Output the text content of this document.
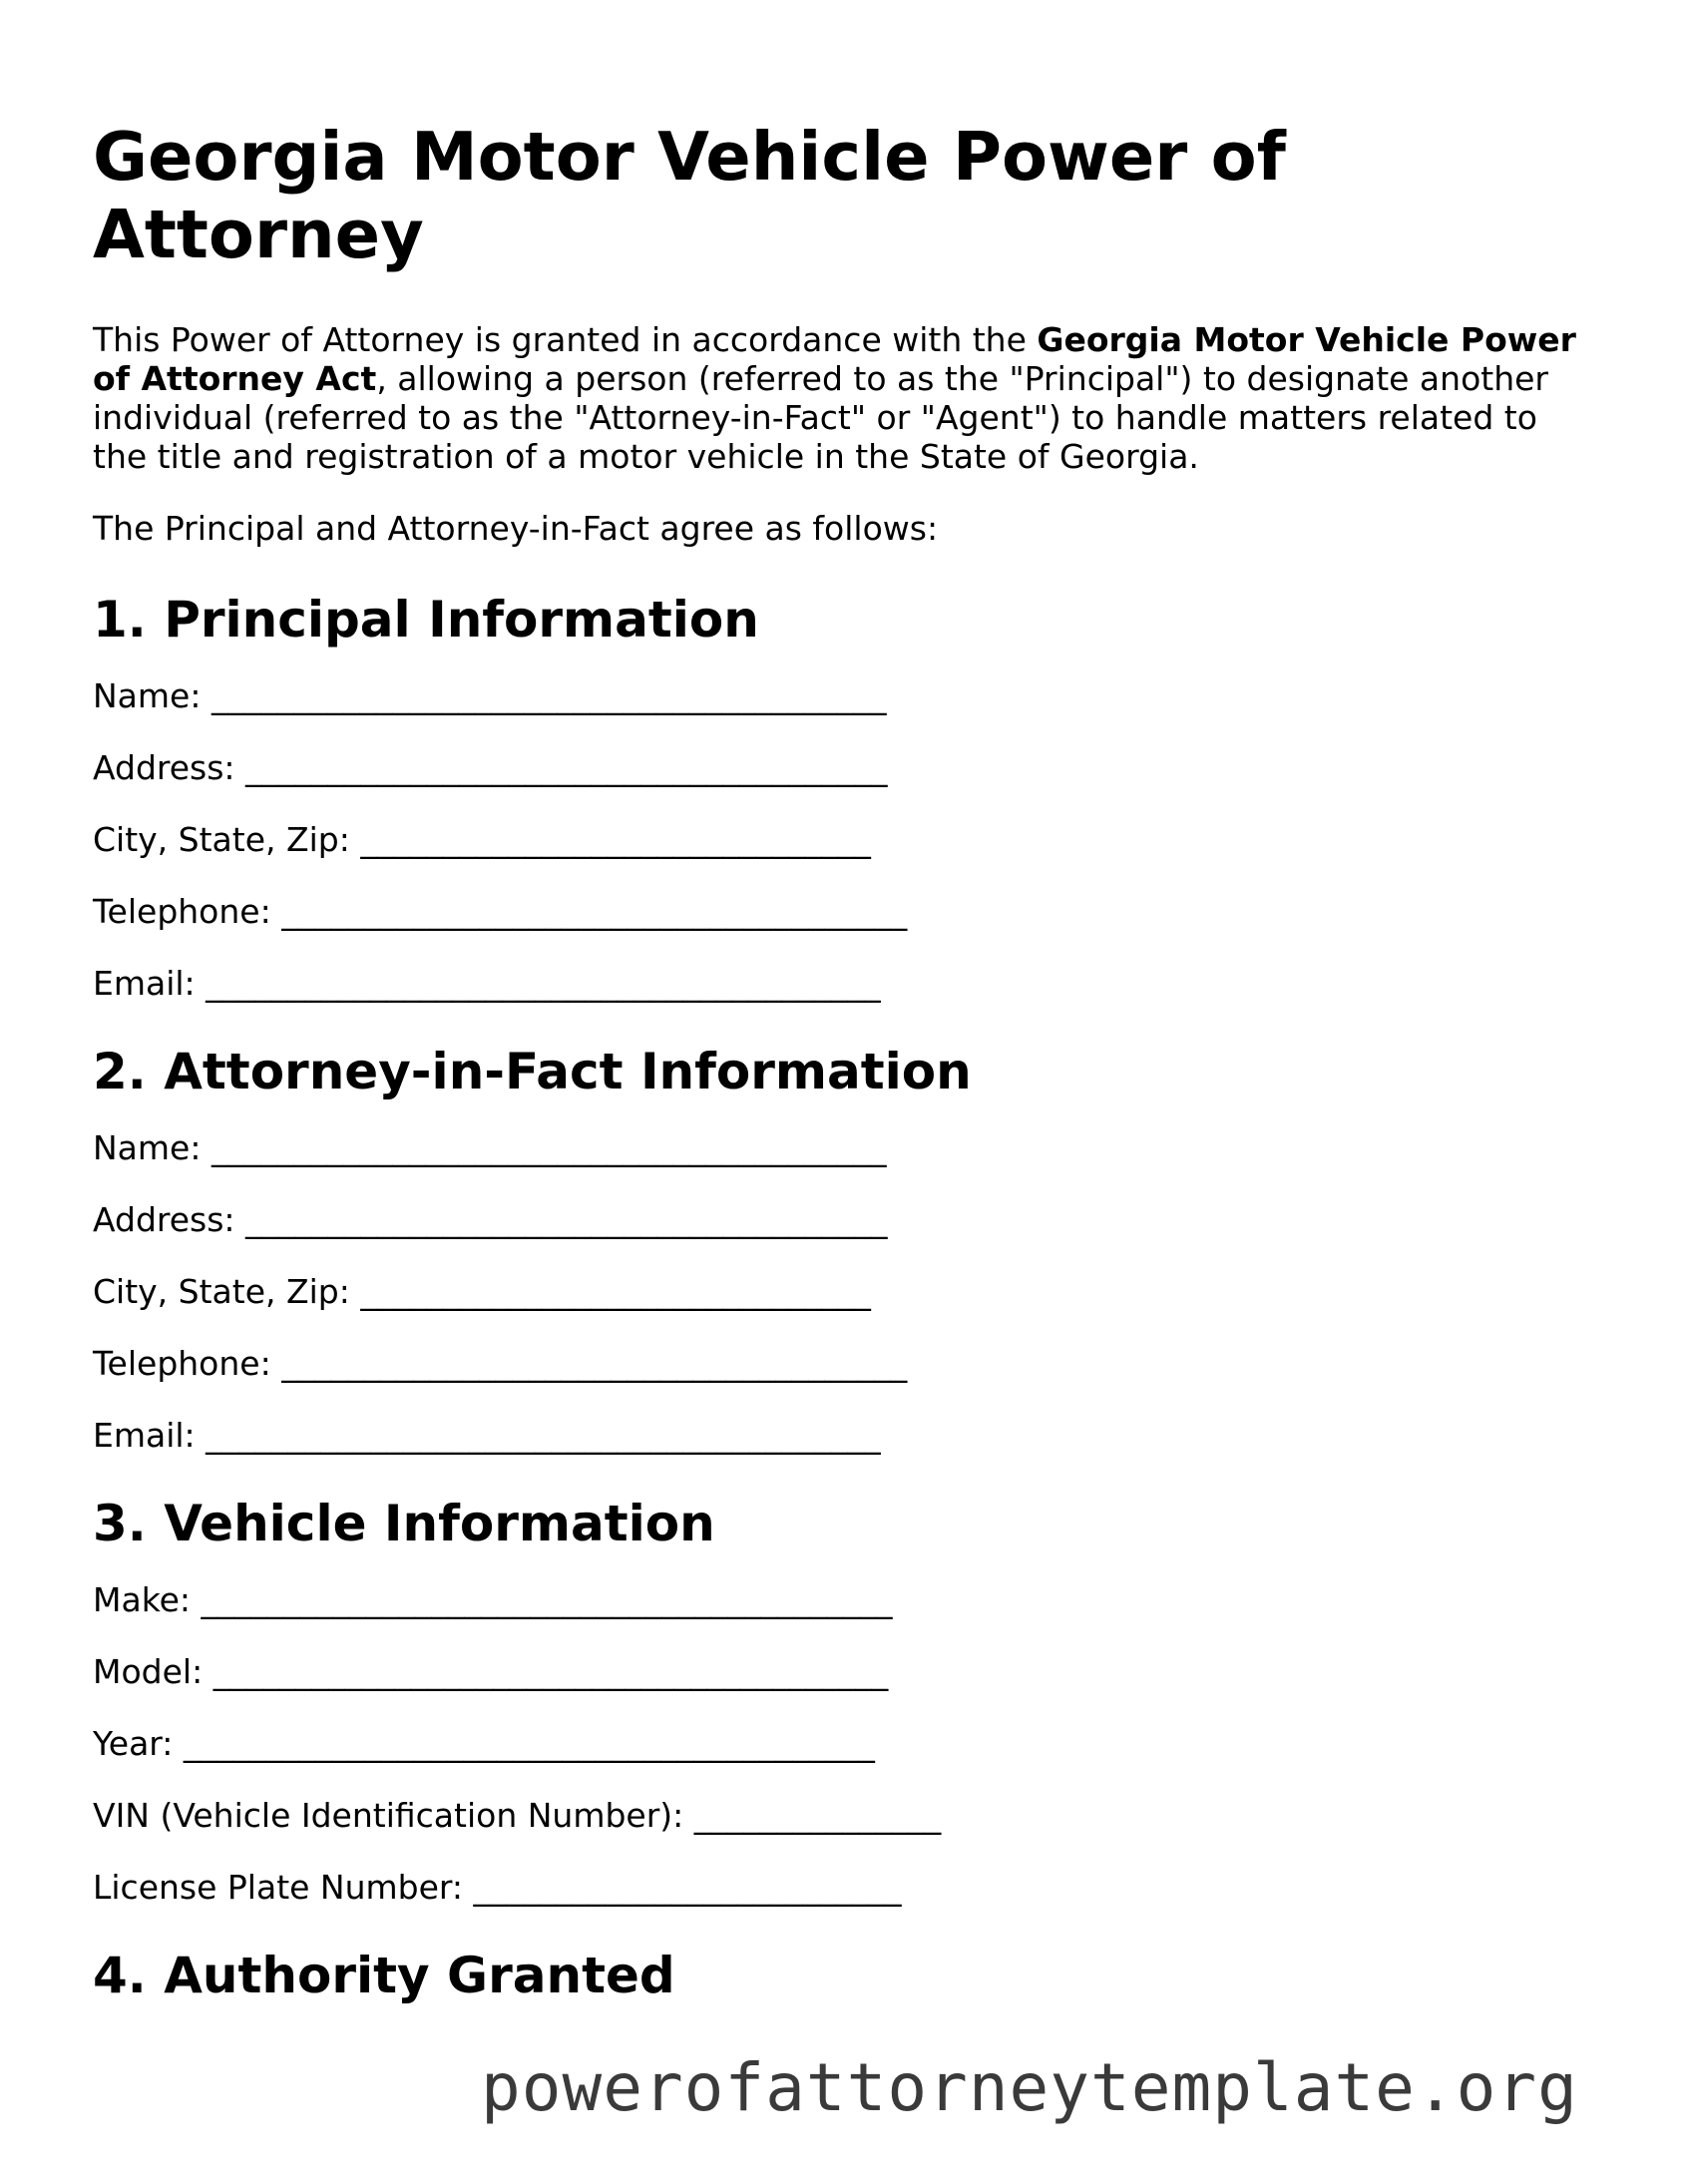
Georgia Motor Vehicle Power of Attorney

This Power of Attorney is granted in accordance with the Georgia Motor Vehicle Power of Attorney Act, allowing a person (referred to as the "Principal") to designate another individual (referred to as the "Attorney-in-Fact" or "Agent") to handle matters related to the title and registration of a motor vehicle in the State of Georgia.

The Principal and Attorney-in-Fact agree as follows:

1. Principal Information
Name: _________________________________________
Address: _______________________________________
City, State, Zip: _______________________________
Telephone: ______________________________________
Email: _________________________________________
2. Attorney-in-Fact Information
Name: _________________________________________
Address: _______________________________________
City, State, Zip: _______________________________
Telephone: ______________________________________
Email: _________________________________________
3. Vehicle Information
Make: __________________________________________
Model: _________________________________________
Year: __________________________________________
VIN (Vehicle Identification Number): _______________
License Plate Number: __________________________
4. Authority Granted
powerofattorneytemplate.org
